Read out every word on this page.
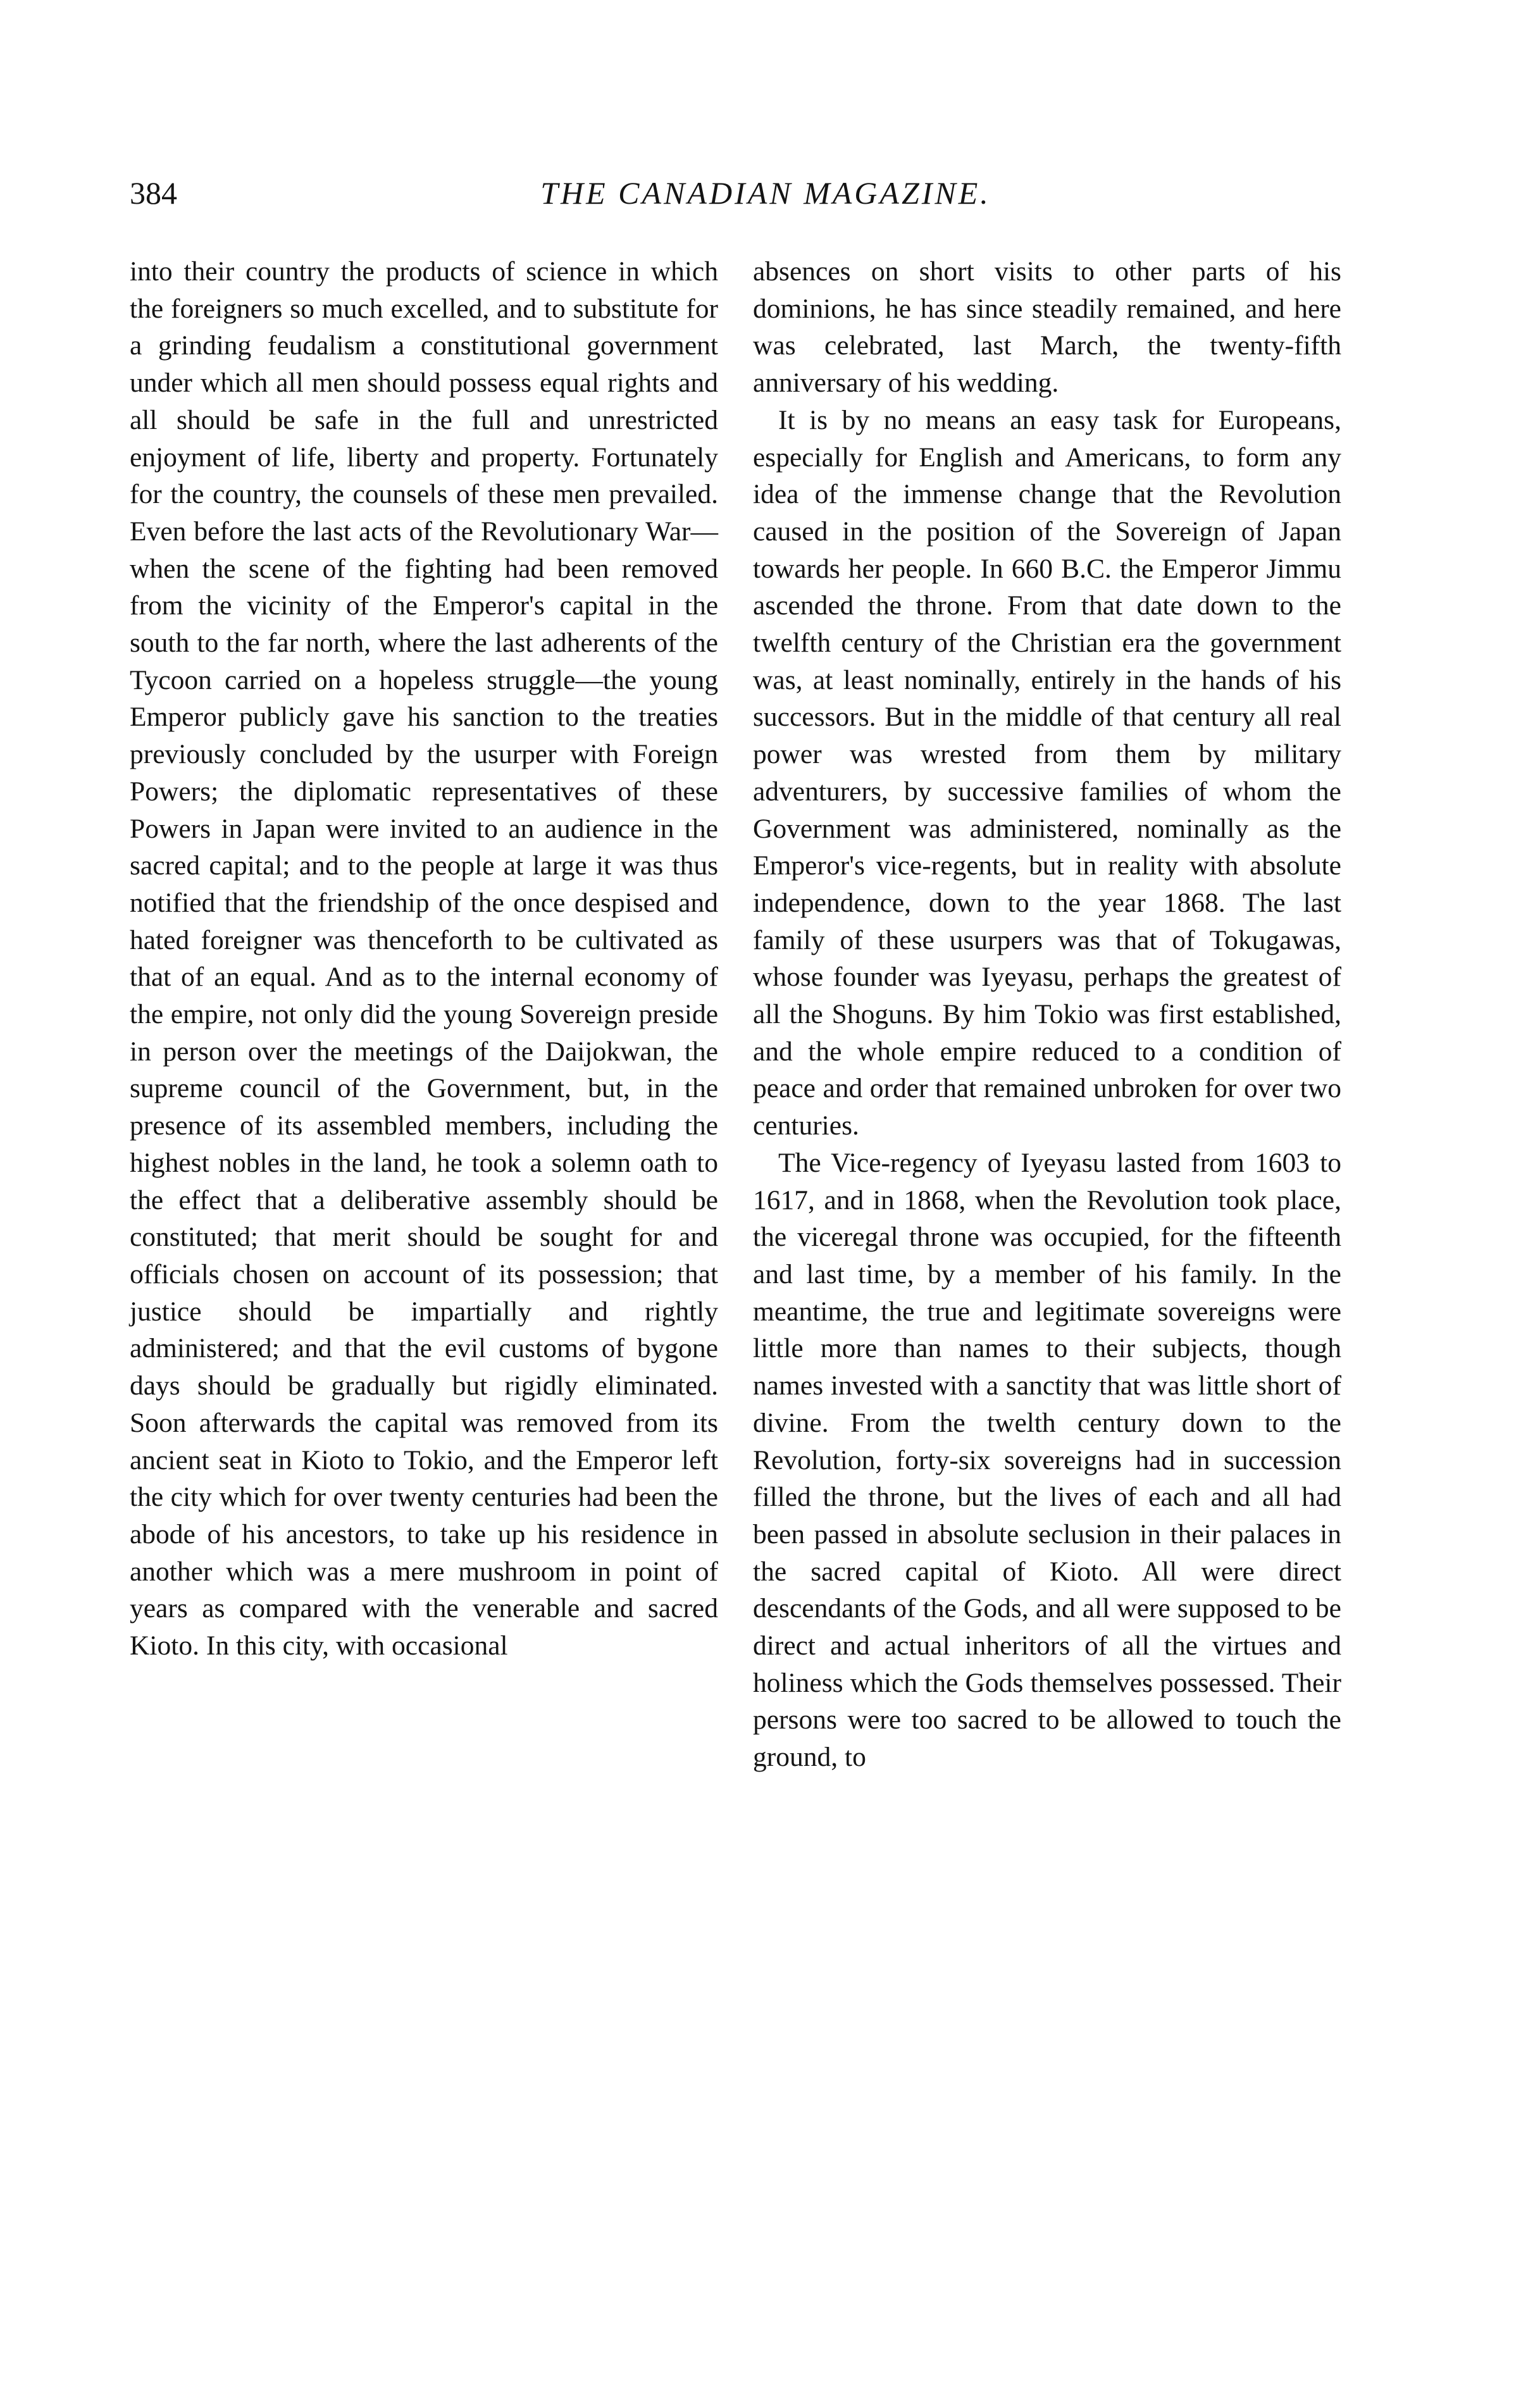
384	THE CANADIAN MAGAZINE.

into their country the products of science in which the foreigners so much excelled, and to substitute for a grinding feudalism a constitutional government under which all men should possess equal rights and all should be safe in the full and unrestricted enjoyment of life, liberty and property. Fortunately for the country, the counsels of these men prevailed. Even before the last acts of the Revolutionary War—when the scene of the fighting had been removed from the vicinity of the Emperor's capital in the south to the far north, where the last adherents of the Tycoon carried on a hopeless struggle—the young Emperor publicly gave his sanction to the treaties previously concluded by the usurper with Foreign Powers; the diplomatic representatives of these Powers in Japan were invited to an audience in the sacred capital; and to the people at large it was thus notified that the friendship of the once despised and hated foreigner was thenceforth to be cultivated as that of an equal. And as to the internal economy of the empire, not only did the young Sovereign preside in person over the meetings of the Daijokwan, the supreme council of the Government, but, in the presence of its assembled members, including the highest nobles in the land, he took a solemn oath to the effect that a deliberative assembly should be constituted; that merit should be sought for and officials chosen on account of its possession; that justice should be impartially and rightly administered; and that the evil customs of bygone days should be gradually but rigidly eliminated. Soon afterwards the capital was removed from its ancient seat in Kioto to Tokio, and the Emperor left the city which for over twenty centuries had been the abode of his ancestors, to take up his residence in another which was a mere mushroom in point of years as compared with the venerable and sacred Kioto. In this city, with occasional

absences on short visits to other parts of his dominions, he has since steadily remained, and here was celebrated, last March, the twenty-fifth anniversary of his wedding.

It is by no means an easy task for Europeans, especially for English and Americans, to form any idea of the immense change that the Revolution caused in the position of the Sovereign of Japan towards her people. In 660 B.C. the Emperor Jimmu ascended the throne. From that date down to the twelfth century of the Christian era the government was, at least nominally, entirely in the hands of his successors. But in the middle of that century all real power was wrested from them by military adventurers, by successive families of whom the Government was administered, nominally as the Emperor's vice-regents, but in reality with absolute independence, down to the year 1868. The last family of these usurpers was that of Tokugawas, whose founder was Iyeyasu, perhaps the greatest of all the Shoguns. By him Tokio was first established, and the whole empire reduced to a condition of peace and order that remained unbroken for over two centuries.

The Vice-regency of Iyeyasu lasted from 1603 to 1617, and in 1868, when the Revolution took place, the viceregal throne was occupied, for the fifteenth and last time, by a member of his family. In the meantime, the true and legitimate sovereigns were little more than names to their subjects, though names invested with a sanctity that was little short of divine. From the twelth century down to the Revolution, forty-six sovereigns had in succession filled the throne, but the lives of each and all had been passed in absolute seclusion in their palaces in the sacred capital of Kioto. All were direct descendants of the Gods, and all were supposed to be direct and actual inheritors of all the virtues and holiness which the Gods themselves possessed. Their persons were too sacred to be allowed to touch the ground, to
